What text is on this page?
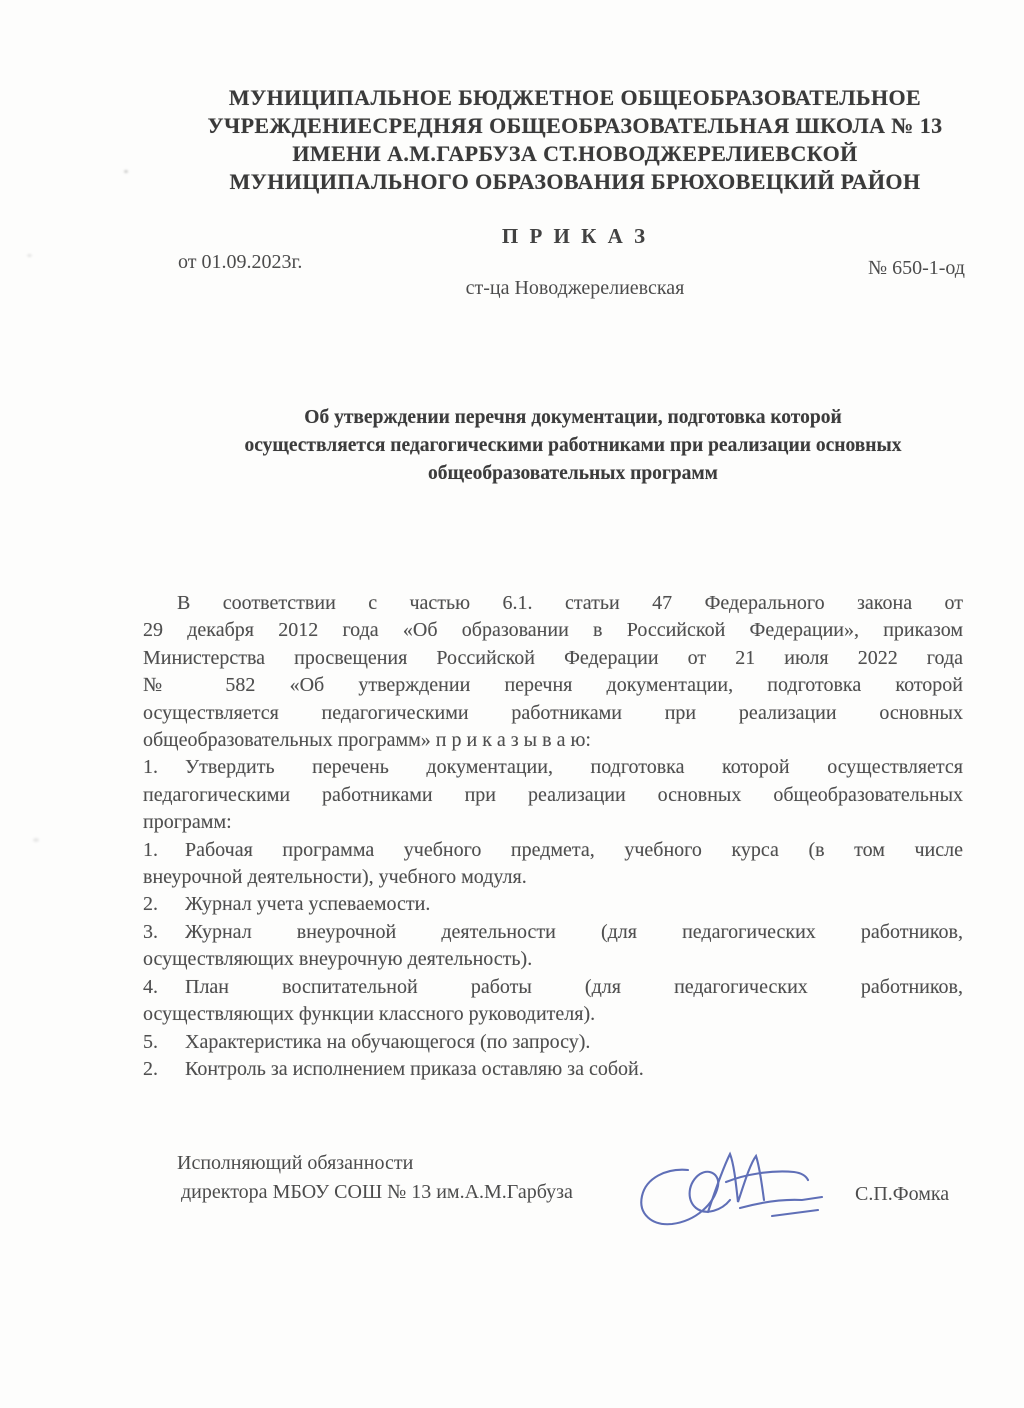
МУНИЦИПАЛЬНОЕ БЮДЖЕТНОЕ ОБЩЕОБРАЗОВАТЕЛЬНОЕ
УЧРЕЖДЕНИЕСРЕДНЯЯ ОБЩЕОБРАЗОВАТЕЛЬНАЯ ШКОЛА № 13
ИМЕНИ А.М.ГАРБУЗА СТ.НОВОДЖЕРЕЛИЕВСКОЙ
МУНИЦИПАЛЬНОГО ОБРАЗОВАНИЯ БРЮХОВЕЦКИЙ РАЙОН
П Р И К А З
от 01.09.2023г.	№ 650-1-од
ст-ца Новоджерелиевская
Об утверждении перечня документации, подготовка которой
осуществляется педагогическими работниками при реализации основных
общеобразовательных программ
В соответствии с частью 6.1. статьи 47 Федерального закона от
29 декабря 2012 года «Об образовании в Российской Федерации», приказом
Министерства просвещения Российской Федерации от 21 июля 2022 года
№ 582 «Об утверждении перечня документации, подготовка которой
осуществляется педагогическими работниками при реализации основных
общеобразовательных программ» п р и к а з ы в а ю:
1. Утвердить перечень документации, подготовка которой осуществляется
педагогическими работниками при реализации основных общеобразовательных
программ:
1. Рабочая программа учебного предмета, учебного курса (в том числе
внеурочной деятельности), учебного модуля.
2. Журнал учета успеваемости.
3. Журнал внеурочной деятельности (для педагогических работников,
осуществляющих внеурочную деятельность).
4. План воспитательной работы (для педагогических работников,
осуществляющих функции классного руководителя).
5. Характеристика на обучающегося (по запросу).
2. Контроль за исполнением приказа оставляю за собой.
Исполняющий обязанности
директора МБОУ СОШ № 13 им.А.М.Гарбуза	С.П.Фомка
